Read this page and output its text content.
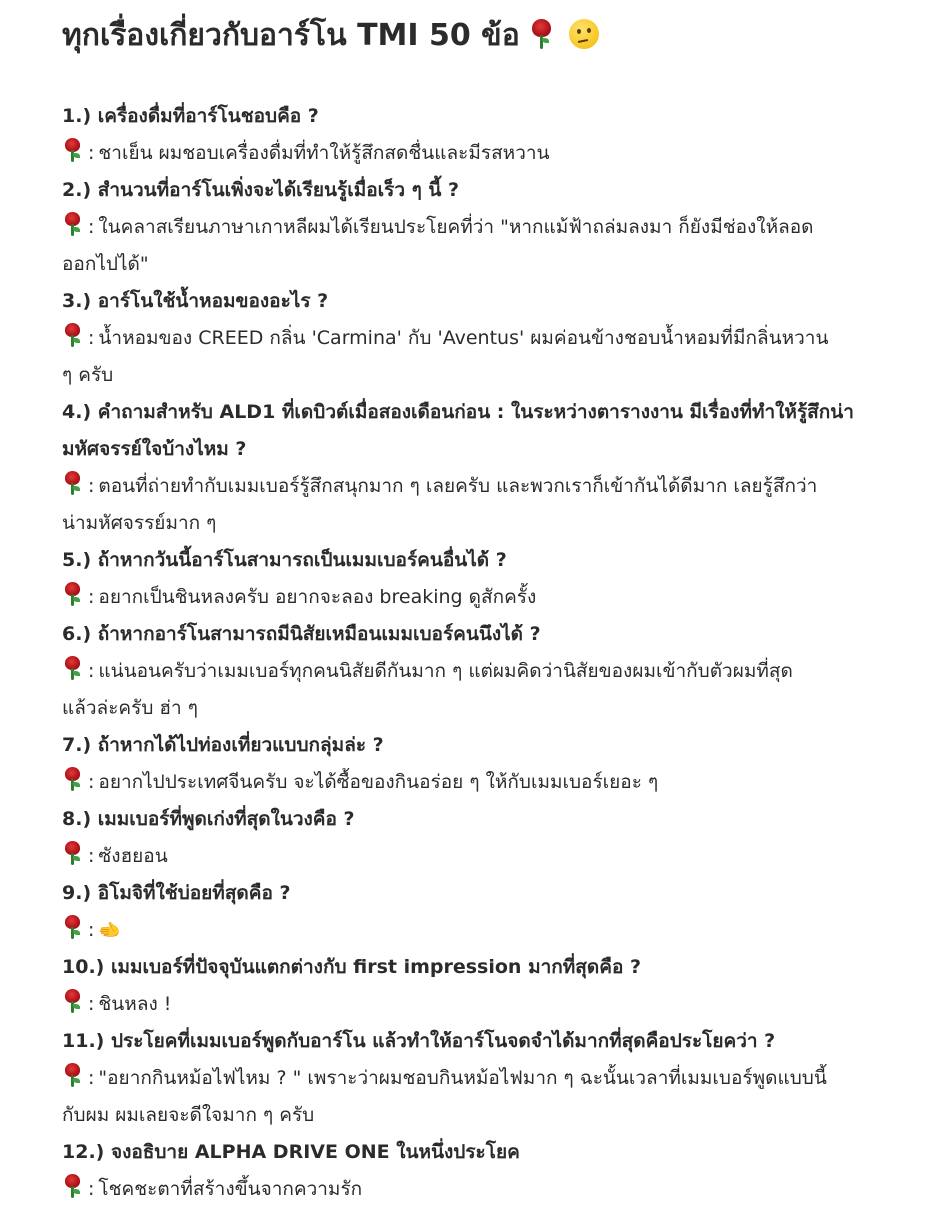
ทุกเรื่องเกี่ยวกับอาร์โน TMI 50 ข้อ

1.) เครื่องดื่มที่อาร์โนชอบคือ ?
: ชาเย็น ผมชอบเครื่องดื่มที่ทำให้รู้สึกสดชื่นและมีรสหวาน
2.) สำนวนที่อาร์โนเพิ่งจะได้เรียนรู้เมื่อเร็ว ๆ นี้ ?
: ในคลาสเรียนภาษาเกาหลีผมได้เรียนประโยคที่ว่า "หากแม้ฟ้าถล่มลงมา ก็ยังมีช่องให้ลอด
ออกไปได้"
3.) อาร์โนใช้น้ำหอมของอะไร ?
: น้ำหอมของ CREED กลิ่น 'Carmina' กับ 'Aventus' ผมค่อนข้างชอบน้ำหอมที่มีกลิ่นหวาน
ๆ ครับ
4.) คำถามสำหรับ ALD1 ที่เดบิวต์เมื่อสองเดือนก่อน : ในระหว่างตารางงาน มีเรื่องที่ทำให้รู้สึกน่า
มหัศจรรย์ใจบ้างไหม ?
: ตอนที่ถ่ายทำกับเมมเบอร์รู้สึกสนุกมาก ๆ เลยครับ และพวกเราก็เข้ากันได้ดีมาก เลยรู้สึกว่า
น่ามหัศจรรย์มาก ๆ
5.) ถ้าหากวันนี้อาร์โนสามารถเป็นเมมเบอร์คนอื่นได้ ?
: อยากเป็นชินหลงครับ อยากจะลอง breaking ดูสักครั้ง
6.) ถ้าหากอาร์โนสามารถมีนิสัยเหมือนเมมเบอร์คนนึงได้ ?
: แน่นอนครับว่าเมมเบอร์ทุกคนนิสัยดีกันมาก ๆ แต่ผมคิดว่านิสัยของผมเข้ากับตัวผมที่สุด
แล้วล่ะครับ ฮ่า ๆ
7.) ถ้าหากได้ไปท่องเที่ยวแบบกลุ่มล่ะ ?
: อยากไปประเทศจีนครับ จะได้ซื้อของกินอร่อย ๆ ให้กับเมมเบอร์เยอะ ๆ
8.) เมมเบอร์ที่พูดเก่งที่สุดในวงคือ ?
: ซังฮยอน
9.) อิโมจิที่ใช้บ่อยที่สุดคือ ?
: 🫲
10.) เมมเบอร์ที่ปัจจุบันแตกต่างกับ first impression มากที่สุดคือ ?
: ชินหลง !
11.) ประโยคที่เมมเบอร์พูดกับอาร์โน แล้วทำให้อาร์โนจดจำได้มากที่สุดคือประโยคว่า ?
: "อยากกินหม้อไฟไหม ? " เพราะว่าผมชอบกินหม้อไฟมาก ๆ ฉะนั้นเวลาที่เมมเบอร์พูดแบบนี้
กับผม ผมเลยจะดีใจมาก ๆ ครับ
12.) จงอธิบาย ALPHA DRIVE ONE ในหนึ่งประโยค
: โชคชะตาที่สร้างขึ้นจากความรัก
